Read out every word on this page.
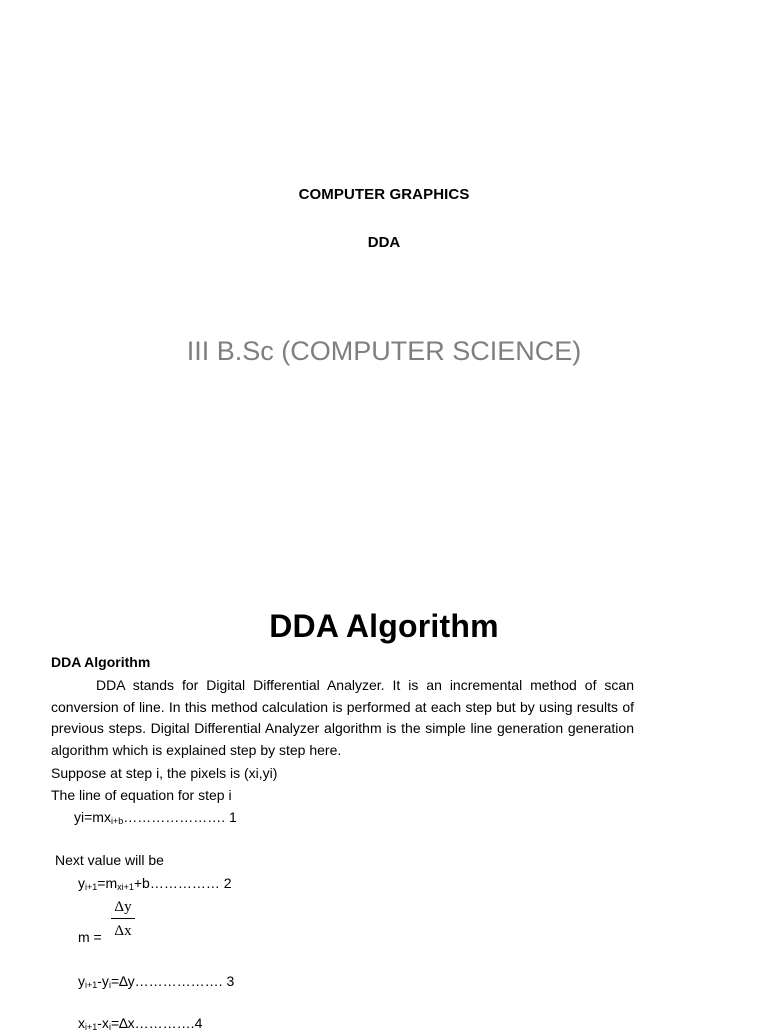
COMPUTER GRAPHICS
DDA
III B.Sc (COMPUTER SCIENCE)
DDA Algorithm
DDA Algorithm
DDA stands for Digital Differential Analyzer. It is an incremental method of scan conversion of line. In this method calculation is performed at each step but by using results of previous steps. Digital Differential Analyzer algorithm is the simple line generation generation algorithm which is explained step by step here.
Suppose at step i, the pixels is (xi,yi)
The line of equation for step i
$yi=mx_{i+b}\dots\dots\dots\dots\dots\dots\dots$. 1
Next value will be
$y_{i+1}=m_{xi+1}+b\dots\dots\dots\dots\dots$ 2
Δy
Δx
m =
$y_{i+1}-y_i=\Delta y\dots\dots\dots\dots\dots\dots$. 3
$x_{i+1}-x_i=\Delta x\dots\dots\dots\dots.4$
